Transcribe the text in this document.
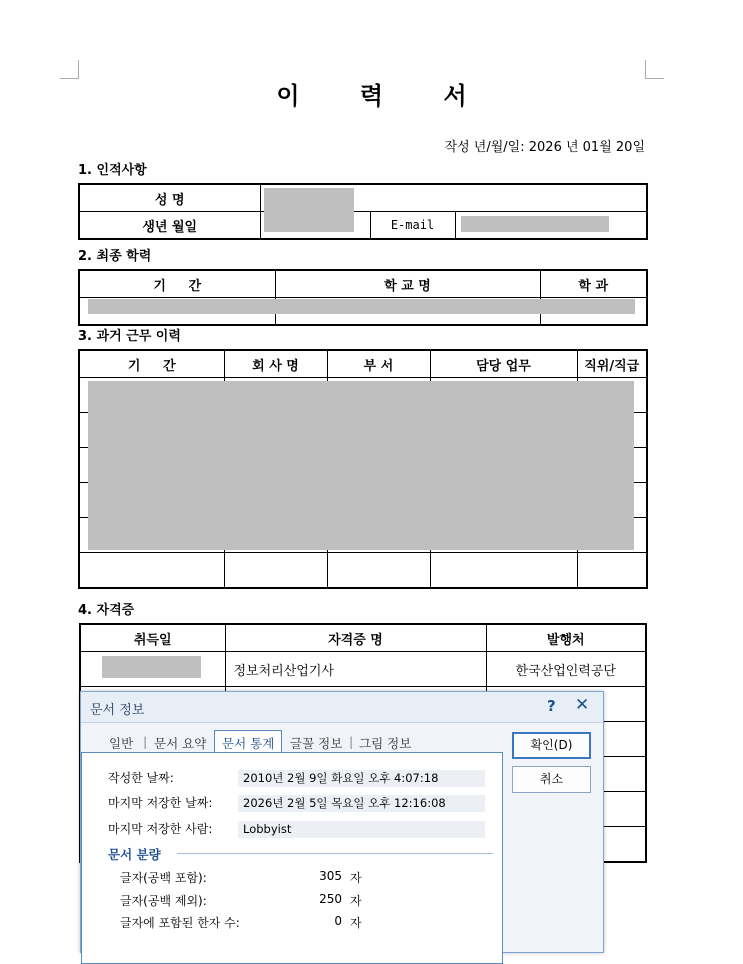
이 력 서
작성 년/월/일: 2026 년 01월 20일
1. 인적사항
성 명			
생년 월일		E-mail	
2. 최종 학력
기     간	학 교 명	학 과

3. 과거 근무 이력
기     간	회 사 명	부 서	담당 업무	직위/직급

4. 자격증
취득일	자격증 명	발행처
	정보처리산업기사	한국산업인력공단

문서 정보	? ✕
일반 | 문서 요약	문서 통계	글꼴 정보 | 그림 정보
작성한 날짜:	2010년 2월 9일 화요일 오후 4:07:18
마지막 저장한 날짜:	2026년 2월 5일 목요일 오후 12:16:08
마지막 저장한 사람:	Lobbyist
문서 분량
글자(공백 포함):	305 자
글자(공백 제외):	250 자
글자에 포함된 한자 수:	0 자
확인(D)
취소
